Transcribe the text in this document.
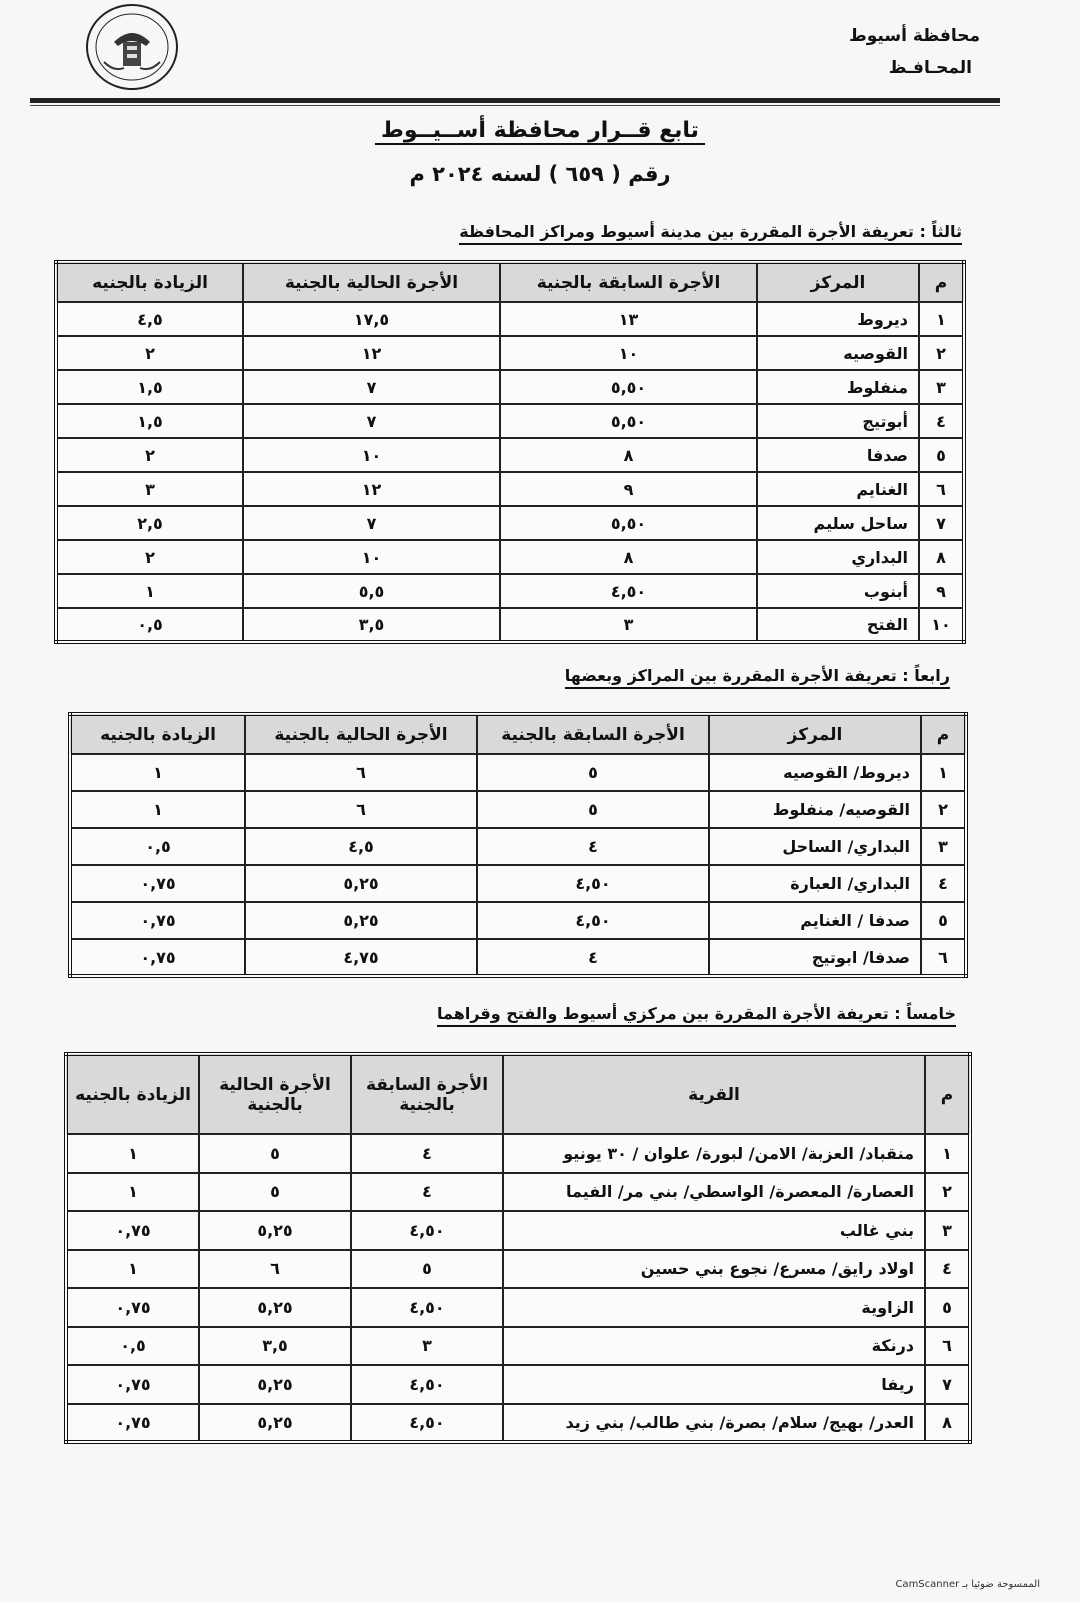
محافظة أسيوط
المحـافـظ
تابع قــرار محافظة أســيــوط
رقم ( ٦٥٩ ) لسنه ٢٠٢٤ م
ثالثاً : تعريفة الأجرة المقررة بين مدينة أسيوط ومراكز المحافظة
م	المركز	الأجرة السابقة بالجنية	الأجرة الحالية بالجنية	الزيادة بالجنيه
١	ديروط	١٣	١٧,٥	٤,٥
٢	القوصيه	١٠	١٢	٢
٣	منفلوط	٥,٥٠	٧	١,٥
٤	أبوتيج	٥,٥٠	٧	١,٥
٥	صدفا	٨	١٠	٢
٦	الغنايم	٩	١٢	٣
٧	ساحل سليم	٥,٥٠	٧	٢,٥
٨	البداري	٨	١٠	٢
٩	أبنوب	٤,٥٠	٥,٥	١
١٠	الفتح	٣	٣,٥	٠,٥
رابعاً : تعريفة الأجرة المقررة بين المراكز وبعضها
م	المركز	الأجرة السابقة بالجنية	الأجرة الحالية بالجنية	الزيادة بالجنيه
١	ديروط/ القوصيه	٥	٦	١
٢	القوصيه/ منفلوط	٥	٦	١
٣	البداري/ الساحل	٤	٤,٥	٠,٥
٤	البداري/ العبارة	٤,٥٠	٥,٢٥	٠,٧٥
٥	صدفا / الغنايم	٤,٥٠	٥,٢٥	٠,٧٥
٦	صدفا/ ابوتيج	٤	٤,٧٥	٠,٧٥
خامساً : تعريفة الأجرة المقررة بين مركزي أسيوط والفتح وقراهما
م	القرية	الأجرة السابقة بالجنية	الأجرة الحالية بالجنية	الزيادة بالجنيه
١	منقباد/ العزبة/ الامن/ لبورة/ علوان / ٣٠ يونيو	٤	٥	١
٢	العصارة/ المعصرة/ الواسطي/ بني مر/ الفيما	٤	٥	١
٣	بني غالب	٤,٥٠	٥,٢٥	٠,٧٥
٤	اولاد رايق/ مسرع/ نجوع بني حسين	٥	٦	١
٥	الزاوية	٤,٥٠	٥,٢٥	٠,٧٥
٦	درنكة	٣	٣,٥	٠,٥
٧	ريفا	٤,٥٠	٥,٢٥	٠,٧٥
٨	العدر/ بهيج/ سلام/ بصرة/ بني طالب/ بني زيد	٤,٥٠	٥,٢٥	٠,٧٥
الممسوحة ضوئيا بـ CamScanner
